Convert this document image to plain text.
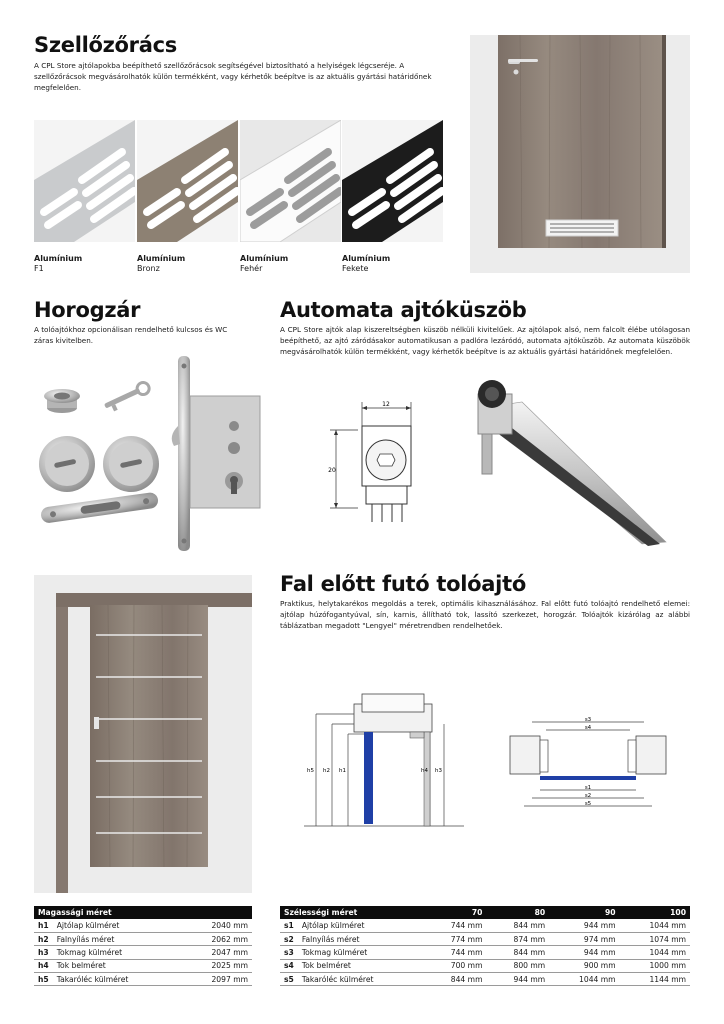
Szellőzőrács

A CPL Store ajtólapokba beépíthető szellőzőrácsok segítségével biztosítható a helyiségek légcseréje. A szellőzőrácsok megvásárolhatók külön termékként, vagy kérhetők beépítve is az aktuális gyártási határidőnek megfelelően.

Alumínium
F1
Alumínium
Bronz
Alumínium
Fehér
Alumínium
Fekete
Horogzár

A tolóajtókhoz opcionálisan rendelhető kulcsos és WC záras kivitelben.

Automata ajtóküszöb

A CPL Store ajtók alap kiszereltségben küszöb nélküli kivitelűek. Az ajtólapok alsó, nem falcolt élébe utólagosan beépíthető, az ajtó záródásakor automatikusan a padlóra lezáródó, automata ajtóküszöb. Az automata küszöbök megvásárolhatók külön termékként, vagy kérhetők beépítve is az aktuális gyártási határidőnek megfelelően.

12
20
Fal előtt futó tolóajtó

Praktikus, helytakarékos megoldás a terek, optimális kihasználásához. Fal előtt futó tolóajtó rendelhető elemei: ajtólap húzófogantyúval, sín, karnis, állítható tok, lassító szerkezet, horogzár. Tolóajtók kizárólag az alábbi táblázatban megadott "Lengyel" méretrendben rendelhetőek.

h5 h2 h1	h4 h3
s3
s4
s1
s2
s5
Magassági méret		
h1	Ajtólap külméret	2040 mm
h2	Falnyílás méret	2062 mm
h3	Tokmag külméret	2047 mm
h4	Tok belméret	2025 mm
h5	Takaróléc külméret	2097 mm
Szélességi méret		70	80	90	100
s1	Ajtólap külméret	744 mm	844 mm	944 mm	1044 mm
s2	Falnyílás méret	774 mm	874 mm	974 mm	1074 mm
s3	Tokmag külméret	744 mm	844 mm	944 mm	1044 mm
s4	Tok belméret	700 mm	800 mm	900 mm	1000 mm
s5	Takaróléc külméret	844 mm	944 mm	1044 mm	1144 mm
